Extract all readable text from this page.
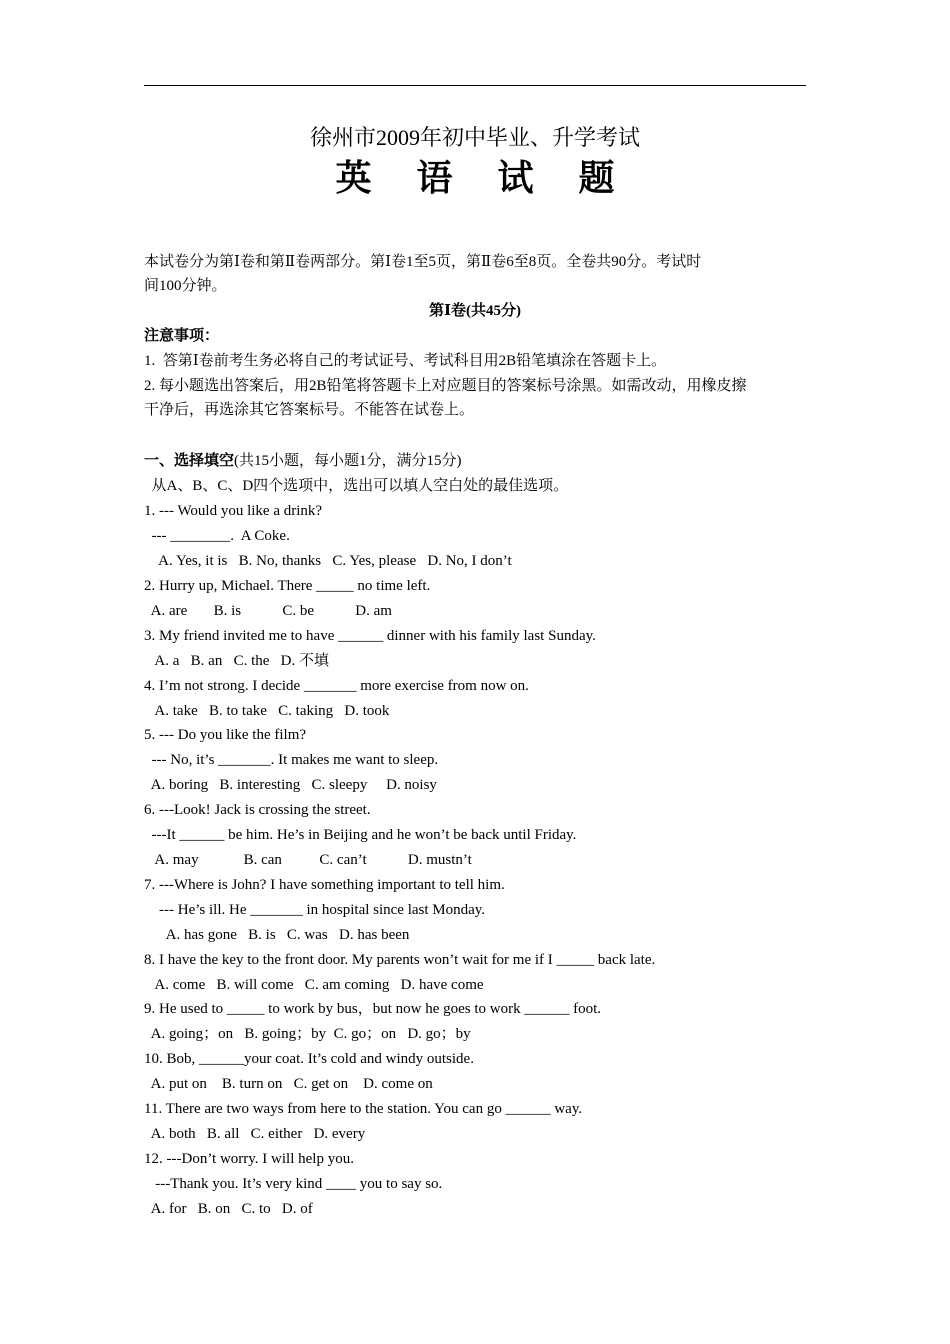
徐州市2009年初中毕业、升学考试
英 语 试 题
本试卷分为第Ⅰ卷和第Ⅱ卷两部分。第Ⅰ卷1至5页，第Ⅱ卷6至8页。全卷共90分。考试时
间100分钟。
第Ⅰ卷(共45分)
注意事项：
1.  答第Ⅰ卷前考生务必将自己的考试证号、考试科目用2B铅笔填涂在答题卡上。
2. 每小题选出答案后，用2B铅笔将答题卡上对应题目的答案标号涂黑。如需改动，用橡皮擦
干净后，再选涂其它答案标号。不能答在试卷上。
一、选择填空(共15小题，每小题1分，满分15分)
从A、B、C、D四个选项中，选出可以填人空白处的最佳选项。
1. --- Would you like a drink?
--- ________.  A Coke.
A. Yes, it is   B. No, thanks   C. Yes, please   D. No, I don’t
2. Hurry up, Michael. There _____ no time left.
A. are       B. is           C. be           D. am
3. My friend invited me to have ______ dinner with his family last Sunday.
A. a   B. an   C. the   D. 不填
4. I’m not strong. I decide _______ more exercise from now on.
A. take   B. to take   C. taking   D. took
5. --- Do you like the film?
--- No, it’s _______. It makes me want to sleep.
A. boring   B. interesting   C. sleepy     D. noisy
6. ---Look! Jack is crossing the street.
---It ______ be him. He’s in Beijing and he won’t be back until Friday.
A. may            B. can          C. can’t           D. mustn’t
7. ---Where is John? I have something important to tell him.
--- He’s ill. He _______ in hospital since last Monday.
A. has gone   B. is   C. was   D. has been
8. I have the key to the front door. My parents won’t wait for me if I _____ back late.
A. come   B. will come   C. am coming   D. have come
9. He used to _____ to work by bus，but now he goes to work ______ foot.
A. going；on   B. going；by  C. go；on   D. go；by
10. Bob, ______your coat. It’s cold and windy outside.
A. put on    B. turn on   C. get on    D. come on
11. There are two ways from here to the station. You can go ______ way.
A. both   B. all   C. either   D. every
12. ---Don’t worry. I will help you.
---Thank you. It’s very kind ____ you to say so.
A. for   B. on   C. to   D. of
